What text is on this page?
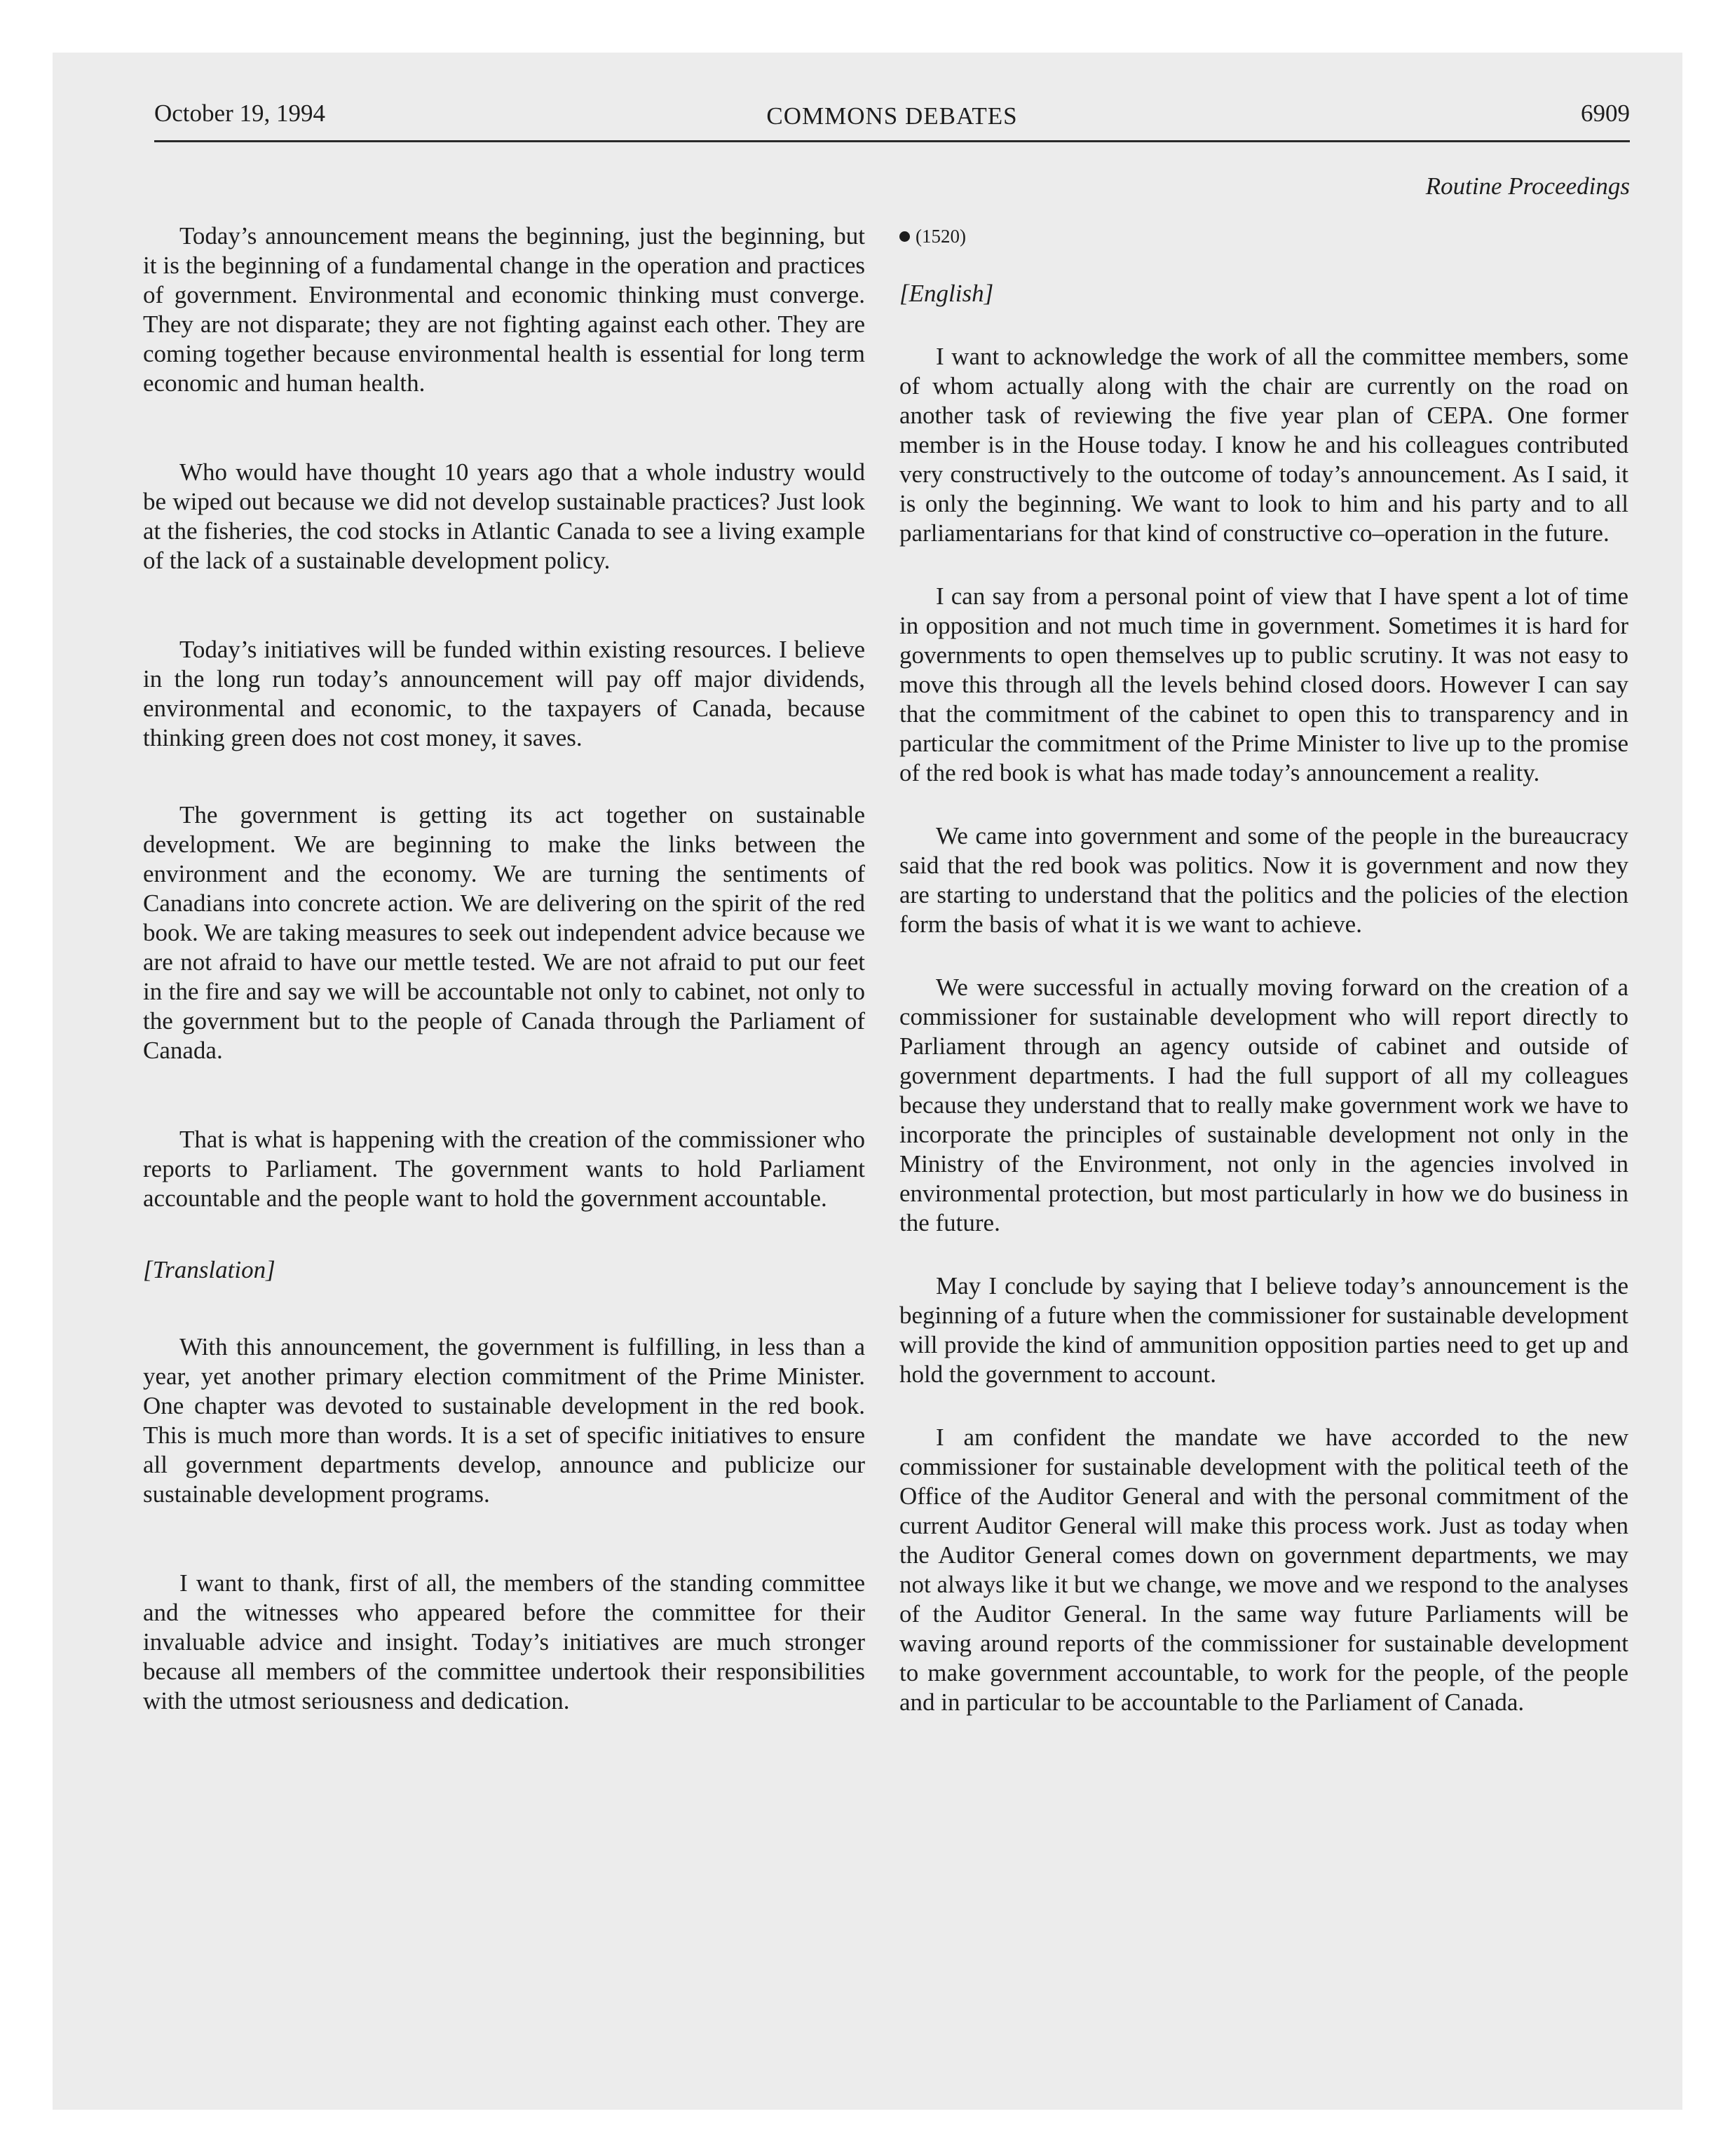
October 19, 1994	COMMONS DEBATES	6909
Routine Proceedings

Today’s announcement means the beginning, just the beginning, but it is the beginning of a fundamental change in the operation and practices of government. Environmental and economic thinking must converge. They are not disparate; they are not fighting against each other. They are coming together because environmental health is essential for long term economic and human health.

Who would have thought 10 years ago that a whole industry would be wiped out because we did not develop sustainable practices? Just look at the fisheries, the cod stocks in Atlantic Canada to see a living example of the lack of a sustainable development policy.

Today’s initiatives will be funded within existing resources. I believe in the long run today’s announcement will pay off major dividends, environmental and economic, to the taxpayers of Canada, because thinking green does not cost money, it saves.

The government is getting its act together on sustainable development. We are beginning to make the links between the environment and the economy. We are turning the sentiments of Canadians into concrete action. We are delivering on the spirit of the red book. We are taking measures to seek out independent advice because we are not afraid to have our mettle tested. We are not afraid to put our feet in the fire and say we will be accountable not only to cabinet, not only to the government but to the people of Canada through the Parliament of Canada.

That is what is happening with the creation of the commissioner who reports to Parliament. The government wants to hold Parliament accountable and the people want to hold the government accountable.

[Translation]

With this announcement, the government is fulfilling, in less than a year, yet another primary election commitment of the Prime Minister. One chapter was devoted to sustainable development in the red book. This is much more than words. It is a set of specific initiatives to ensure all government departments develop, announce and publicize our sustainable development programs.

I want to thank, first of all, the members of the standing committee and the witnesses who appeared before the committee for their invaluable advice and insight. Today’s initiatives are much stronger because all members of the committee undertook their responsibilities with the utmost seriousness and dedication.

(1520)
[English]

I want to acknowledge the work of all the committee members, some of whom actually along with the chair are currently on the road on another task of reviewing the five year plan of CEPA. One former member is in the House today. I know he and his colleagues contributed very constructively to the outcome of today’s announcement. As I said, it is only the beginning. We want to look to him and his party and to all parliamentarians for that kind of constructive co–operation in the future.

I can say from a personal point of view that I have spent a lot of time in opposition and not much time in government. Sometimes it is hard for governments to open themselves up to public scrutiny. It was not easy to move this through all the levels behind closed doors. However I can say that the commitment of the cabinet to open this to transparency and in particular the commitment of the Prime Minister to live up to the promise of the red book is what has made today’s announcement a reality.

We came into government and some of the people in the bureaucracy said that the red book was politics. Now it is government and now they are starting to understand that the politics and the policies of the election form the basis of what it is we want to achieve.

We were successful in actually moving forward on the creation of a commissioner for sustainable development who will report directly to Parliament through an agency outside of cabinet and outside of government departments. I had the full support of all my colleagues because they understand that to really make government work we have to incorporate the principles of sustainable development not only in the Ministry of the Environment, not only in the agencies involved in environmental protection, but most particularly in how we do business in the future.

May I conclude by saying that I believe today’s announcement is the beginning of a future when the commissioner for sustainable development will provide the kind of ammunition opposition parties need to get up and hold the government to account.

I am confident the mandate we have accorded to the new commissioner for sustainable development with the political teeth of the Office of the Auditor General and with the personal commitment of the current Auditor General will make this process work. Just as today when the Auditor General comes down on government departments, we may not always like it but we change, we move and we respond to the analyses of the Auditor General. In the same way future Parliaments will be waving around reports of the commissioner for sustainable development to make government accountable, to work for the people, of the people and in particular to be accountable to the Parliament of Canada.
